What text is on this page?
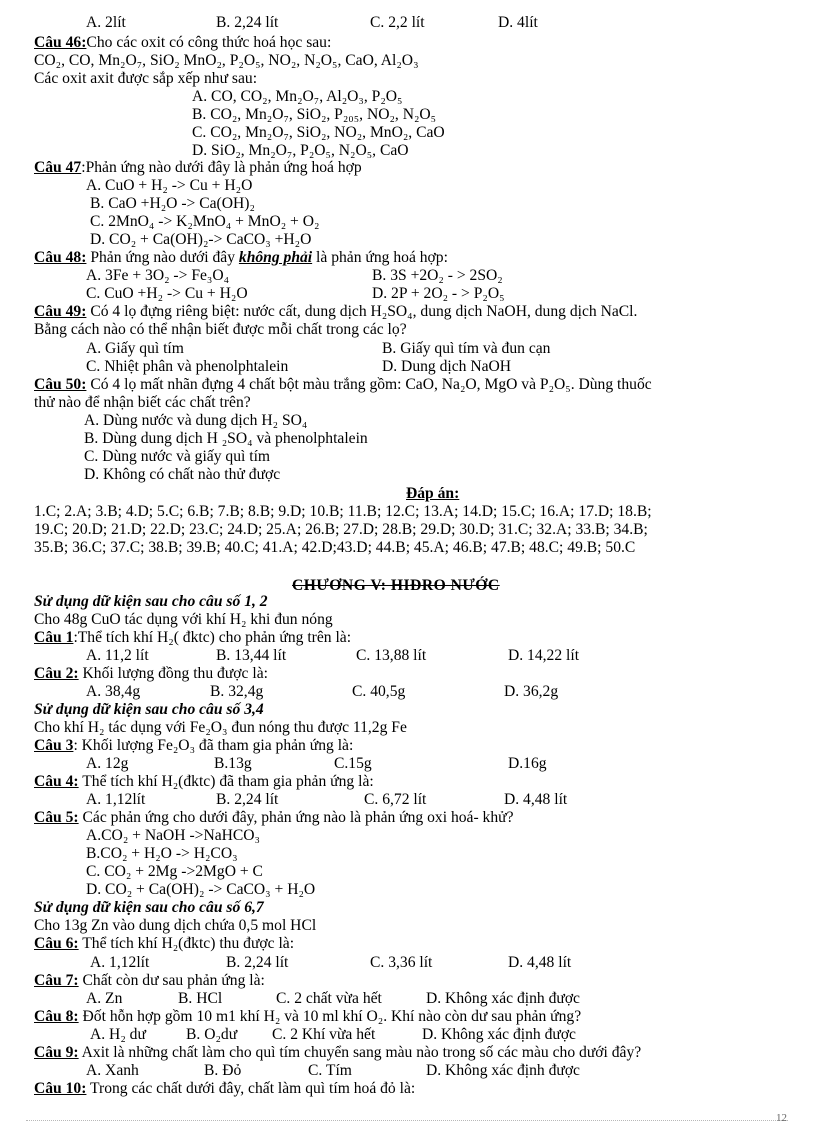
A. 2lít	B. 2,24 lít	C. 2,2 lít	D. 4lít
Câu 46:Cho các oxit có công thức hoá học sau:
CO₂, CO, Mn₂O₇, SiO₂ MnO₂, P₂O₅, NO₂, N₂O₅, CaO, Al₂O₃
Các oxit axit được sắp xếp như sau:
A. CO, CO₂, Mn₂O₇, Al₂O₃, P₂O₅
B. CO₂, Mn₂O₇, SiO₂, P₂₀₅, NO₂, N₂O₅
C. CO₂, Mn₂O₇, SiO₂, NO₂, MnO₂, CaO
D. SiO₂, Mn₂O₇, P₂O₅, N₂O₅, CaO
Câu 47:Phản ứng nào dưới đây là phản ứng hoá hợp
A. CuO + H₂ -> Cu + H₂O
B. CaO +H₂O -> Ca(OH)₂
C. 2MnO₄ -> K₂MnO₄ + MnO₂ + O₂
D. CO₂ + Ca(OH)₂-> CaCO₃ +H₂O
Câu 48: Phản ứng nào dưới đây không phải là phản ứng hoá hợp:
A. 3Fe + 3O₂ -> Fe₃O₄	B. 3S +2O₂ - > 2SO₂
C. CuO +H₂ -> Cu + H₂O	D. 2P + 2O₂ - > P₂O₅
Câu 49: Có 4 lọ đựng riêng biệt: nước cất, dung dịch H₂SO₄, dung dịch NaOH, dung dịch NaCl.
Bằng cách nào có thể nhận biết được mỗi chất trong các lọ?
A. Giấy quì tím	B. Giấy quì tím và đun cạn
C. Nhiệt phân và phenolphtalein	D. Dung dịch NaOH
Câu 50: Có 4 lọ mất nhãn đựng 4 chất bột màu trắng gồm: CaO, Na₂O, MgO và P₂O₅. Dùng thuốc
thử nào để nhận biết các chất trên?
A. Dùng nước và dung dịch H₂ SO₄
B. Dùng dung dịch H ₂SO₄ và phenolphtalein
C. Dùng nước và giấy quì tím
D. Không có chất nào thử được
Đáp án:
1.C; 2.A; 3.B; 4.D; 5.C; 6.B; 7.B; 8.B; 9.D; 10.B; 11.B; 12.C; 13.A; 14.D; 15.C; 16.A; 17.D; 18.B;
19.C; 20.D; 21.D; 22.D; 23.C; 24.D; 25.A; 26.B; 27.D; 28.B; 29.D; 30.D; 31.C; 32.A; 33.B; 34.B;
35.B; 36.C; 37.C; 38.B; 39.B; 40.C; 41.A; 42.D;43.D; 44.B; 45.A; 46.B; 47.B; 48.C; 49.B; 50.C
CHƯƠNG V: HIĐRO NƯỚC
Sử dụng dữ kiện sau cho câu số 1, 2
Cho 48g CuO tác dụng với khí H₂ khi đun nóng
Câu 1:Thể tích khí H₂( đktc) cho phản ứng trên là:
A. 11,2 lít	B. 13,44 lít	C. 13,88 lít	D. 14,22 lít
Câu 2: Khối lượng đồng thu được là:
A. 38,4g	B. 32,4g	C. 40,5g	D. 36,2g
Sử dụng dữ kiện sau cho câu số 3,4
Cho khí H₂ tác dụng với Fe₂O₃ đun nóng thu được 11,2g Fe
Câu 3: Khối lượng Fe₂O₃ đã tham gia phản ứng là:
A. 12g	B.13g	C.15g	D.16g
Câu 4: Thể tích khí H₂(đktc) đã tham gia phản ứng là:
A. 1,12lít	B. 2,24 lít	C. 6,72 lít	D. 4,48 lít
Câu 5: Các phản ứng cho dưới đây, phản ứng nào là phản ứng oxi hoá- khử?
A.CO₂ + NaOH ->NaHCO₃
B.CO₂ + H₂O -> H₂CO₃
C. CO₂ + 2Mg ->2MgO + C
D. CO₂ + Ca(OH)₂ -> CaCO₃ + H₂O
Sử dụng dữ kiện sau cho câu số 6,7
Cho 13g Zn vào dung dịch chứa 0,5 mol HCl
Câu 6: Thể tích khí H₂(đktc) thu được là:
A. 1,12lít	B. 2,24 lít	C. 3,36 lít	D. 4,48 lít
Câu 7: Chất còn dư sau phản ứng là:
A. Zn	B. HCl	C. 2 chất vừa hết	D. Không xác định được
Câu 8: Đốt hỗn hợp gồm 10 m1 khí H₂ và 10 ml khí O₂. Khí nào còn dư sau phản ứng?
A. H₂ dư	B. O₂dư C. 2 Khí vừa hết	D. Không xác định được
Câu 9: Axit là những chất làm cho quì tím chuyển sang màu nào trong số các màu cho dưới đây?
A. Xanh	B. Đỏ	C. Tím	D. Không xác định được
Câu 10: Trong các chất dưới đây, chất làm quì tím hoá đỏ là:
12
